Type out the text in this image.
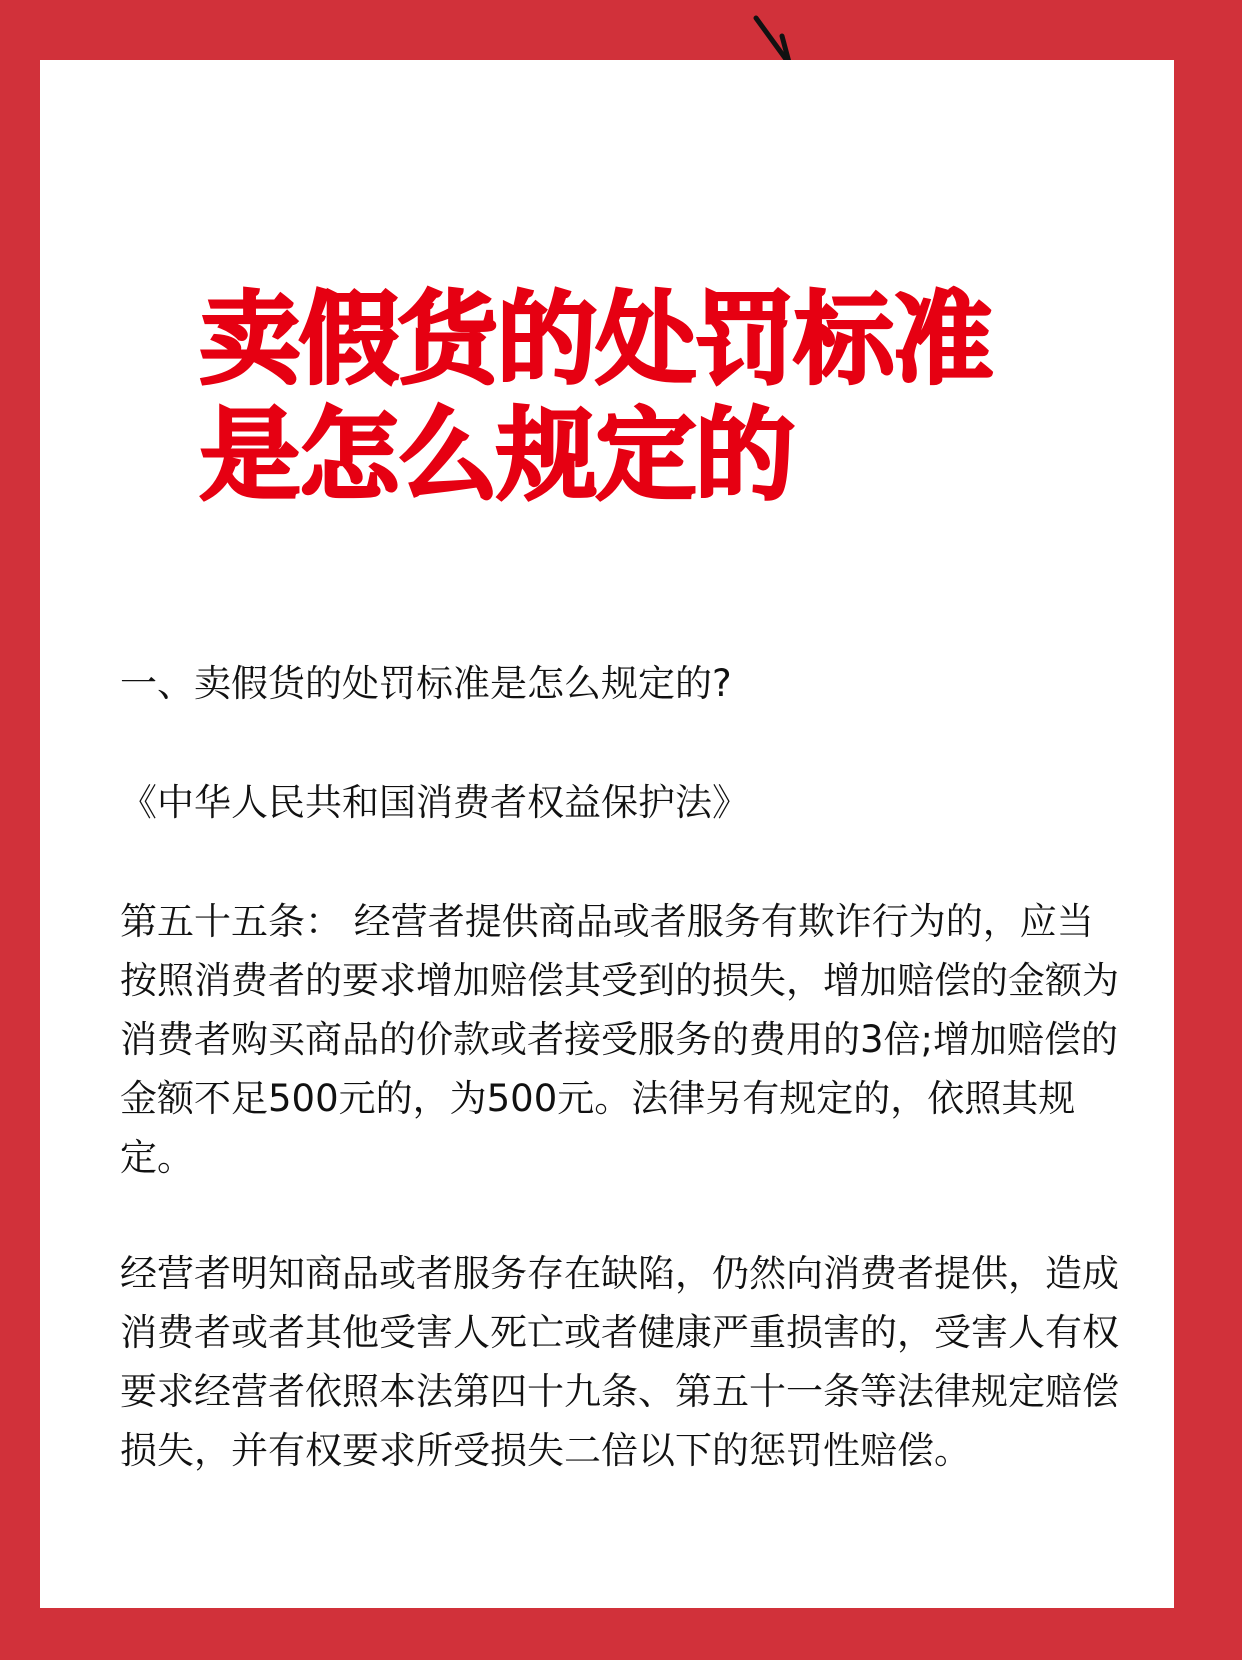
卖假货的处罚标准
是怎么规定的

一、卖假货的处罚标准是怎么规定的?

《中华人民共和国消费者权益保护法》

第五十五条： 经营者提供商品或者服务有欺诈行为的，应当按照消费者的要求增加赔偿其受到的损失，增加赔偿的金额为消费者购买商品的价款或者接受服务的费用的3倍;增加赔偿的金额不足500元的，为500元。法律另有规定的，依照其规定。

经营者明知商品或者服务存在缺陷，仍然向消费者提供，造成消费者或者其他受害人死亡或者健康严重损害的，受害人有权要求经营者依照本法第四十九条、第五十一条等法律规定赔偿损失，并有权要求所受损失二倍以下的惩罚性赔偿。
